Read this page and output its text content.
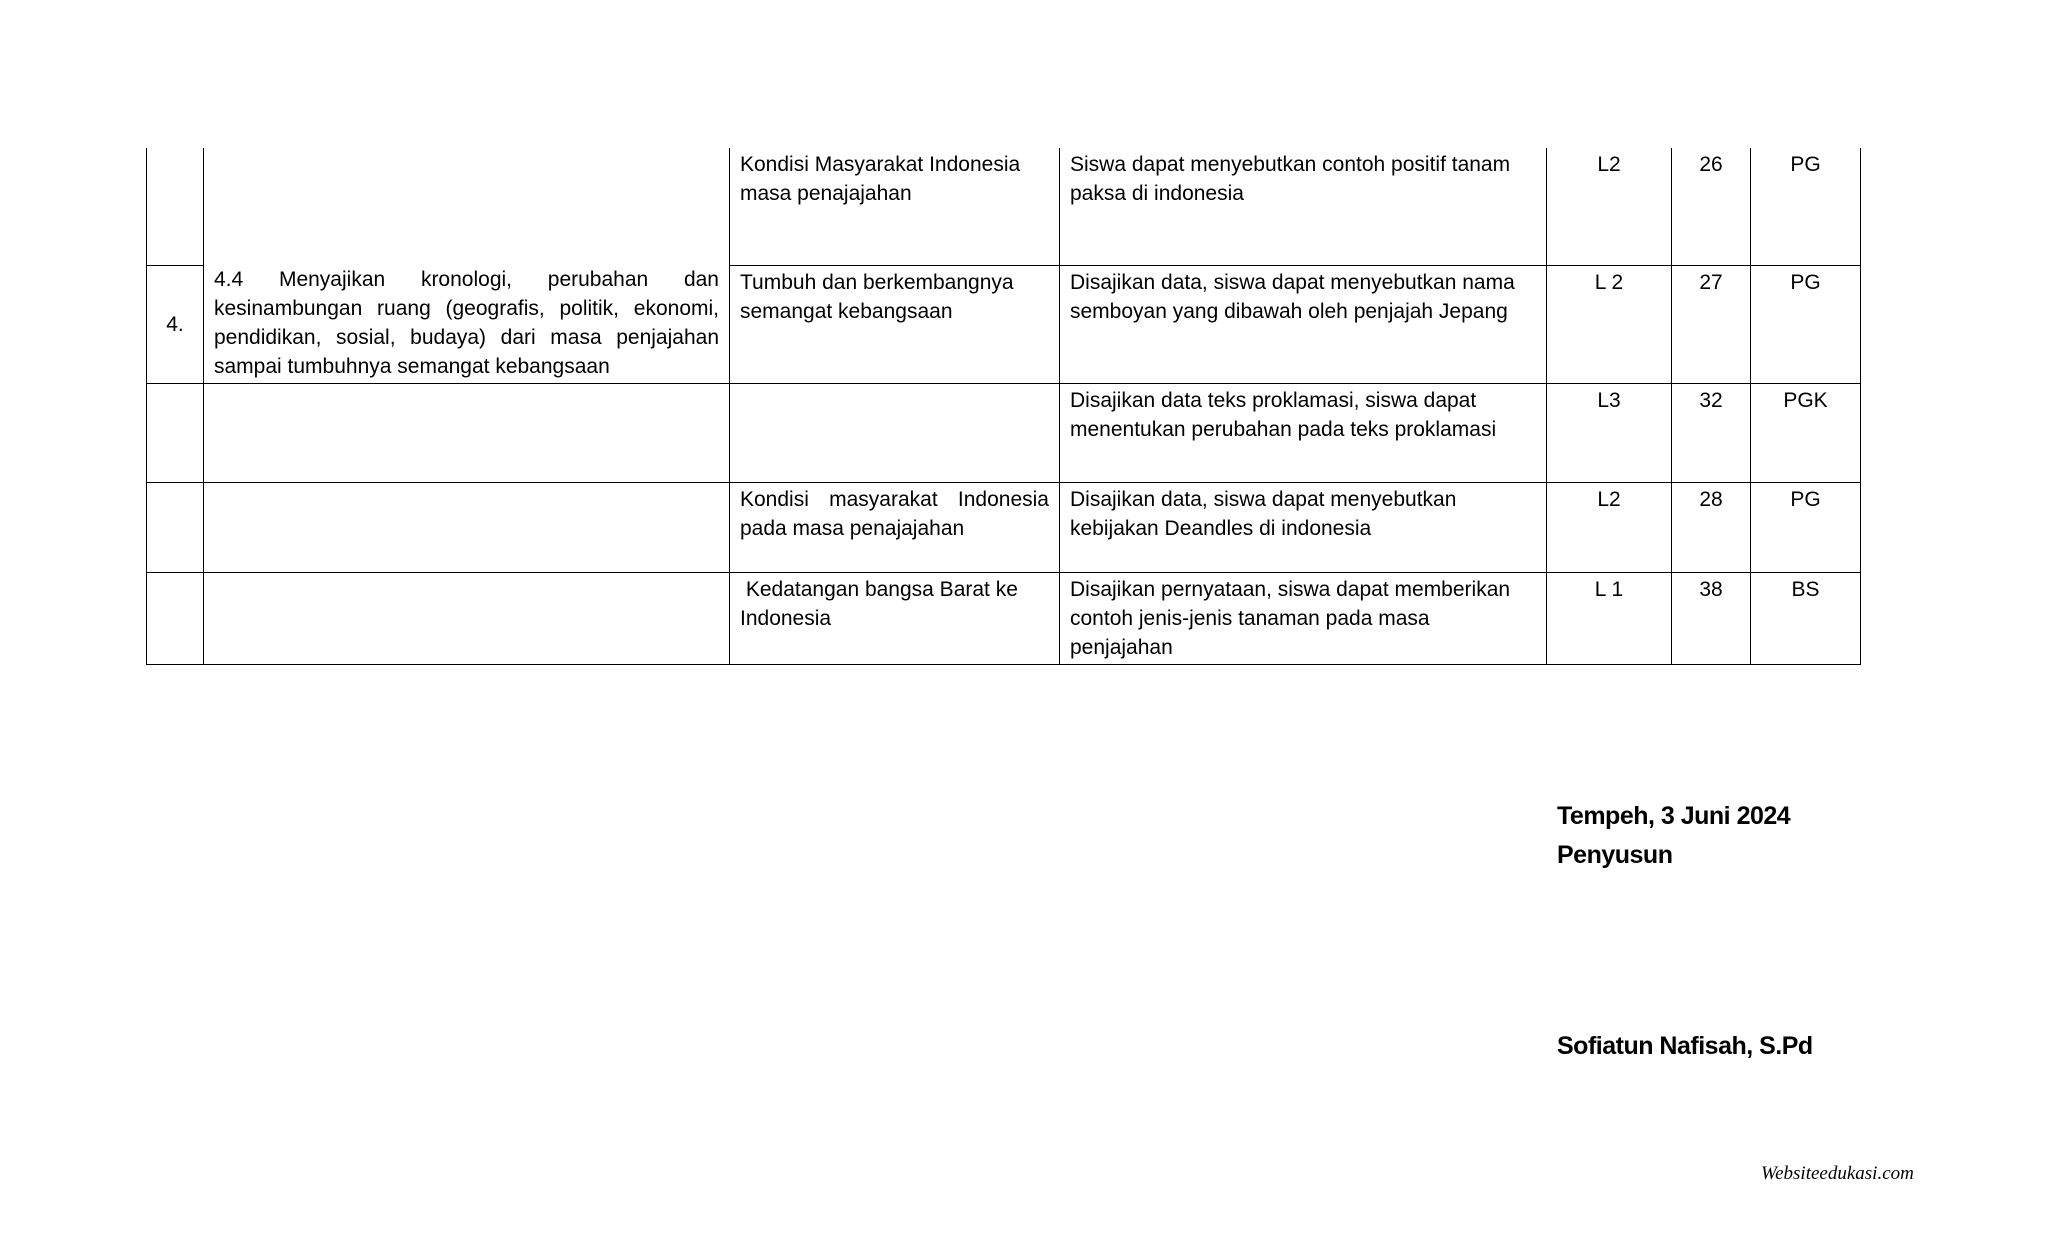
		Kondisi Masyarakat Indonesia masa penajajahan	Siswa dapat menyebutkan contoh positif tanam paksa di indonesia	L2	26	PG
4.	4.4 Menyajikan kronologi, perubahan dan kesinambungan ruang (geografis, politik, ekonomi, pendidikan, sosial, budaya) dari masa penjajahan sampai tumbuhnya semangat kebangsaan	Tumbuh dan berkembangnya semangat kebangsaan	Disajikan data, siswa dapat menyebutkan nama semboyan yang dibawah oleh penjajah Jepang	L 2	27	PG
			Disajikan data teks proklamasi, siswa dapat menentukan perubahan pada teks proklamasi	L3	32	PGK
		Kondisi masyarakat Indonesia pada masa penajajahan	Disajikan data, siswa dapat menyebutkan kebijakan Deandles di indonesia	L2	28	PG
		Kedatangan bangsa Barat ke Indonesia	Disajikan pernyataan, siswa dapat memberikan contoh jenis-jenis tanaman pada masa penjajahan	L 1	38	BS
Tempeh, 3 Juni 2024
Penyusun
Sofiatun Nafisah, S.Pd
Websiteedukasi.com
